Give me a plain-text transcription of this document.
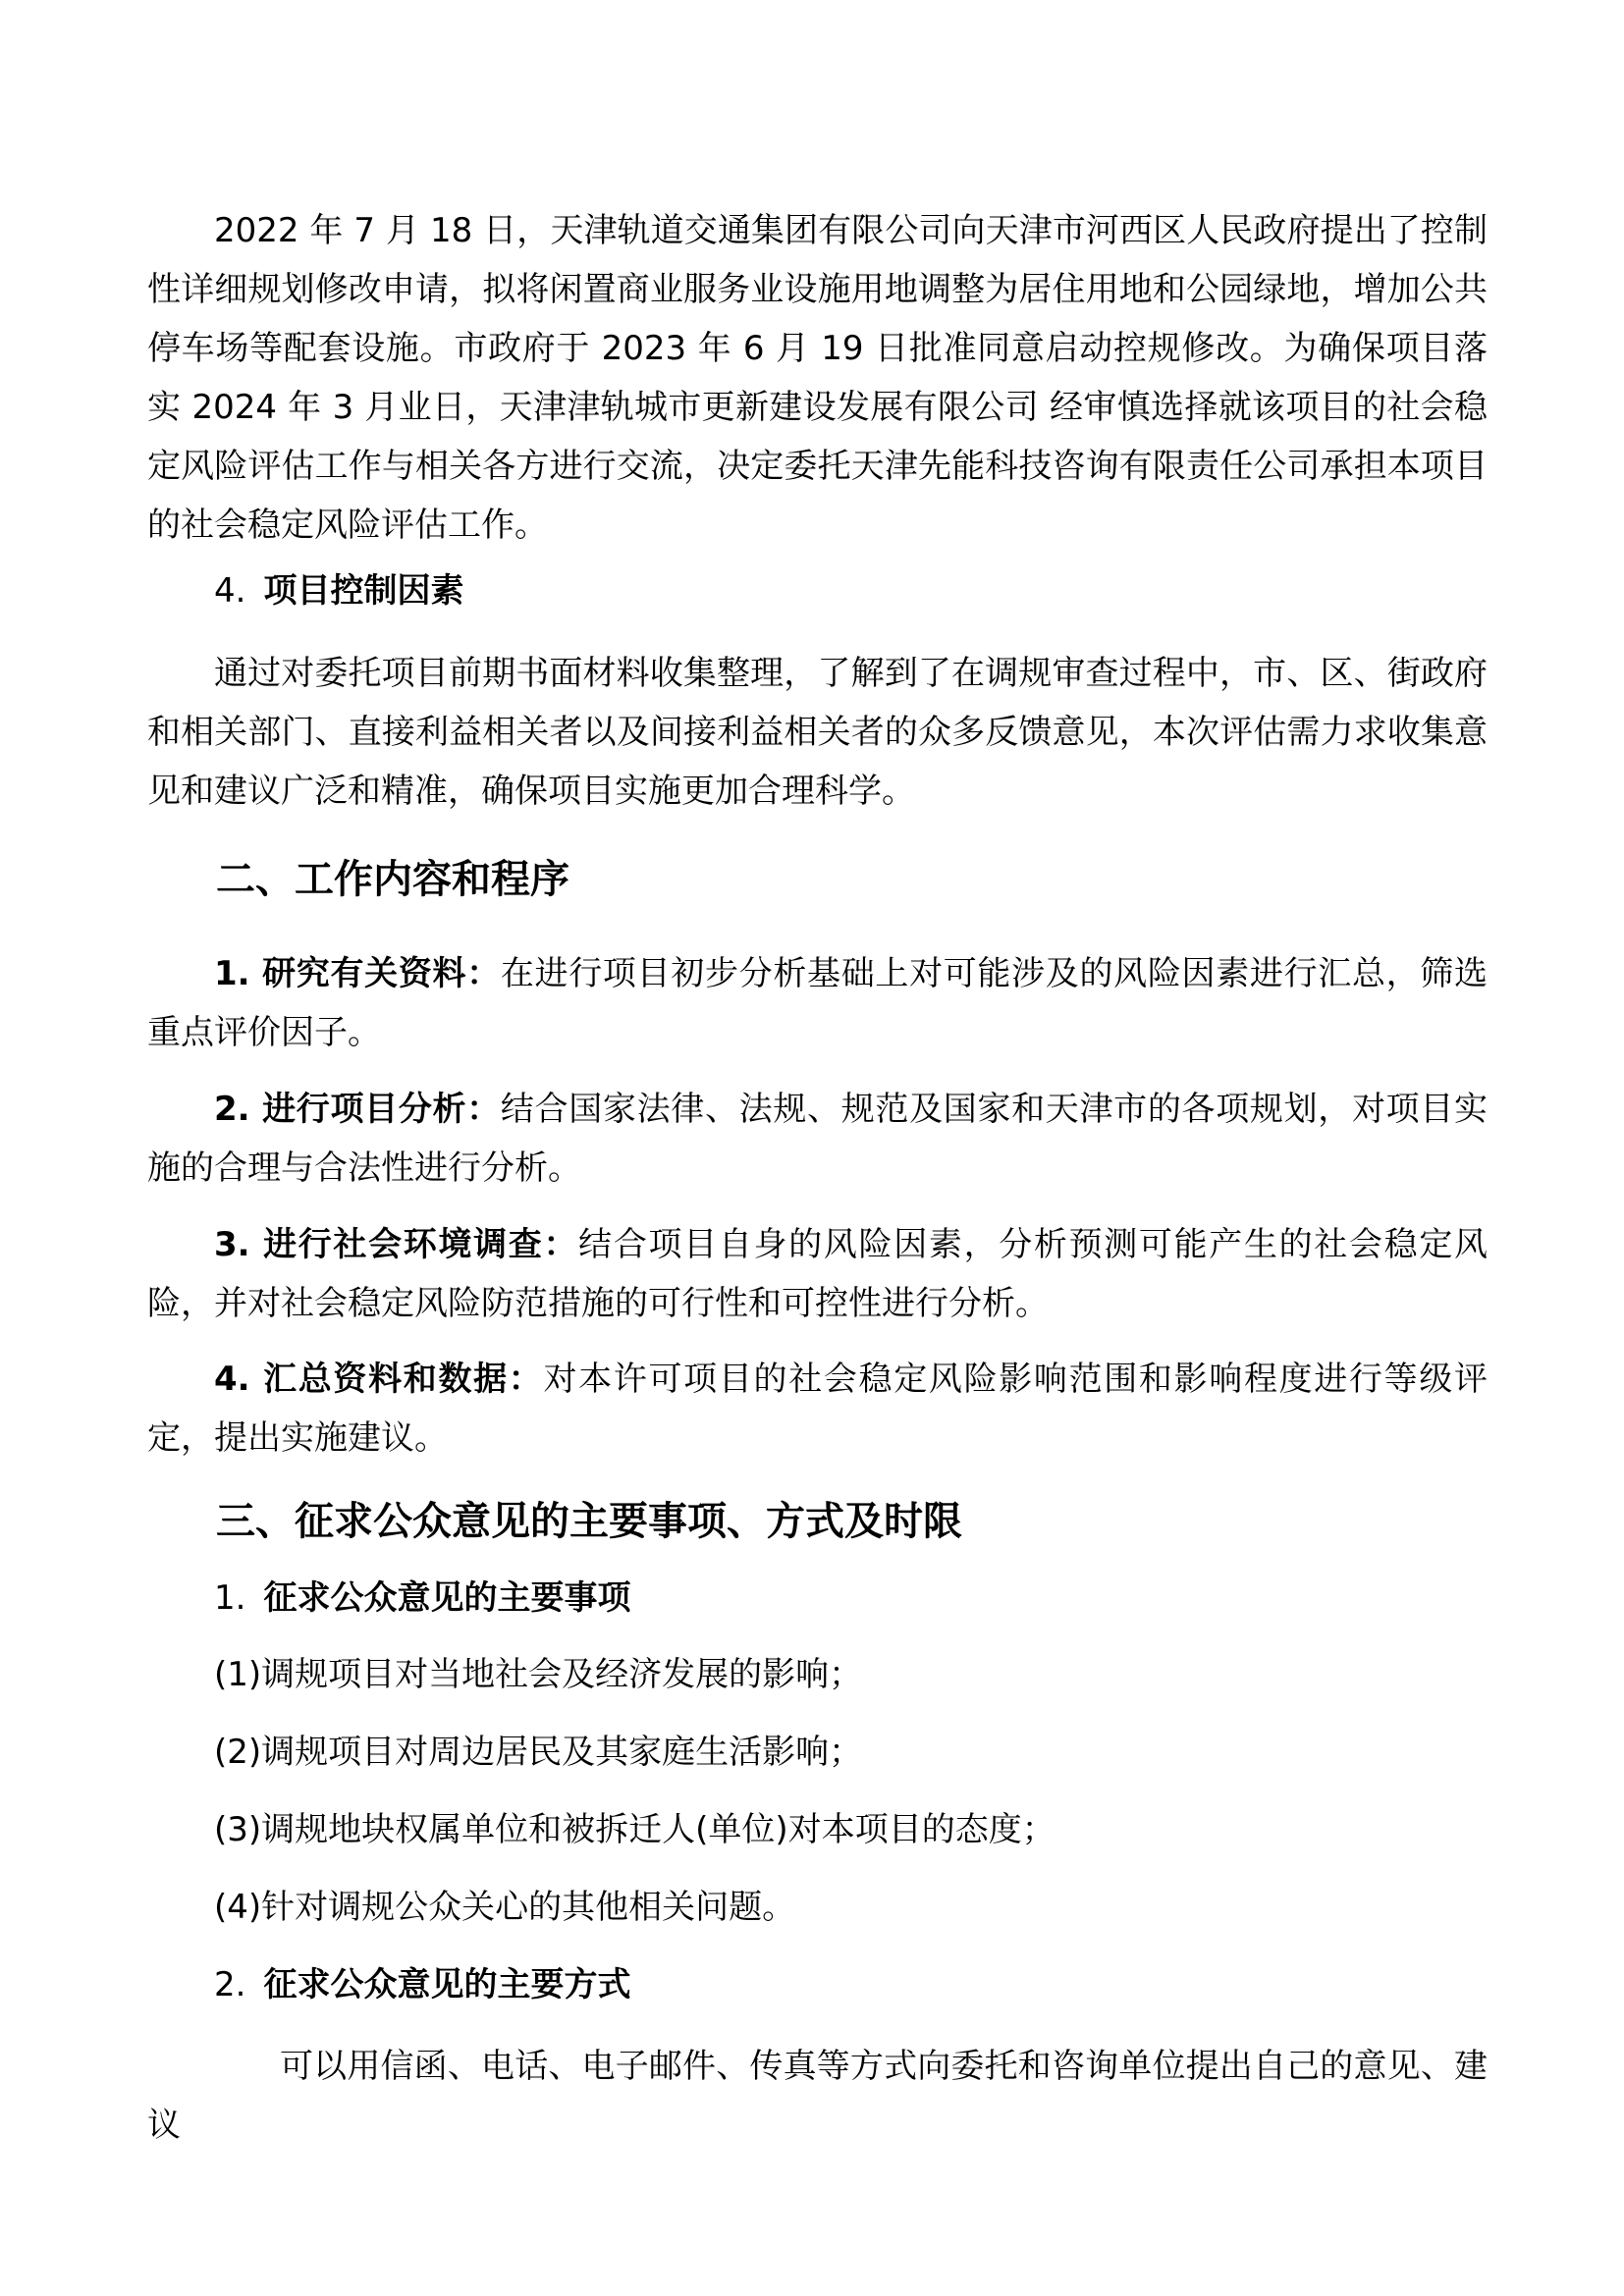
2022 年 7 月 18 日，天津轨道交通集团有限公司向天津市河西区人民政府提出了控制性详细规划修改申请，拟将闲置商业服务业设施用地调整为居住用地和公园绿地，增加公共停车场等配套设施。市政府于 2023 年 6 月 19 日批准同意启动控规修改。为确保项目落实 2024 年 3 月业日，天津津轨城市更新建设发展有限公司 经审慎选择就该项目的社会稳定风险评估工作与相关各方进行交流，决定委托天津先能科技咨询有限责任公司承担本项目的社会稳定风险评估工作。

4. 项目控制因素

通过对委托项目前期书面材料收集整理，了解到了在调规审查过程中，市、区、街政府和相关部门、直接利益相关者以及间接利益相关者的众多反馈意见，本次评估需力求收集意见和建议广泛和精准，确保项目实施更加合理科学。

二、工作内容和程序

1. 研究有关资料：在进行项目初步分析基础上对可能涉及的风险因素进行汇总，筛选重点评价因子。

2. 进行项目分析：结合国家法律、法规、规范及国家和天津市的各项规划，对项目实施的合理与合法性进行分析。

3. 进行社会环境调查：结合项目自身的风险因素，分析预测可能产生的社会稳定风险，并对社会稳定风险防范措施的可行性和可控性进行分析。

4. 汇总资料和数据：对本许可项目的社会稳定风险影响范围和影响程度进行等级评定，提出实施建议。

三、征求公众意见的主要事项、方式及时限
1. 征求公众意见的主要事项

(1)调规项目对当地社会及经济发展的影响；

(2)调规项目对周边居民及其家庭生活影响；

(3)调规地块权属单位和被拆迁人(单位)对本项目的态度；

(4)针对调规公众关心的其他相关问题。

2. 征求公众意见的主要方式

可以用信函、电话、电子邮件、传真等方式向委托和咨询单位提出自己的意见、建议
